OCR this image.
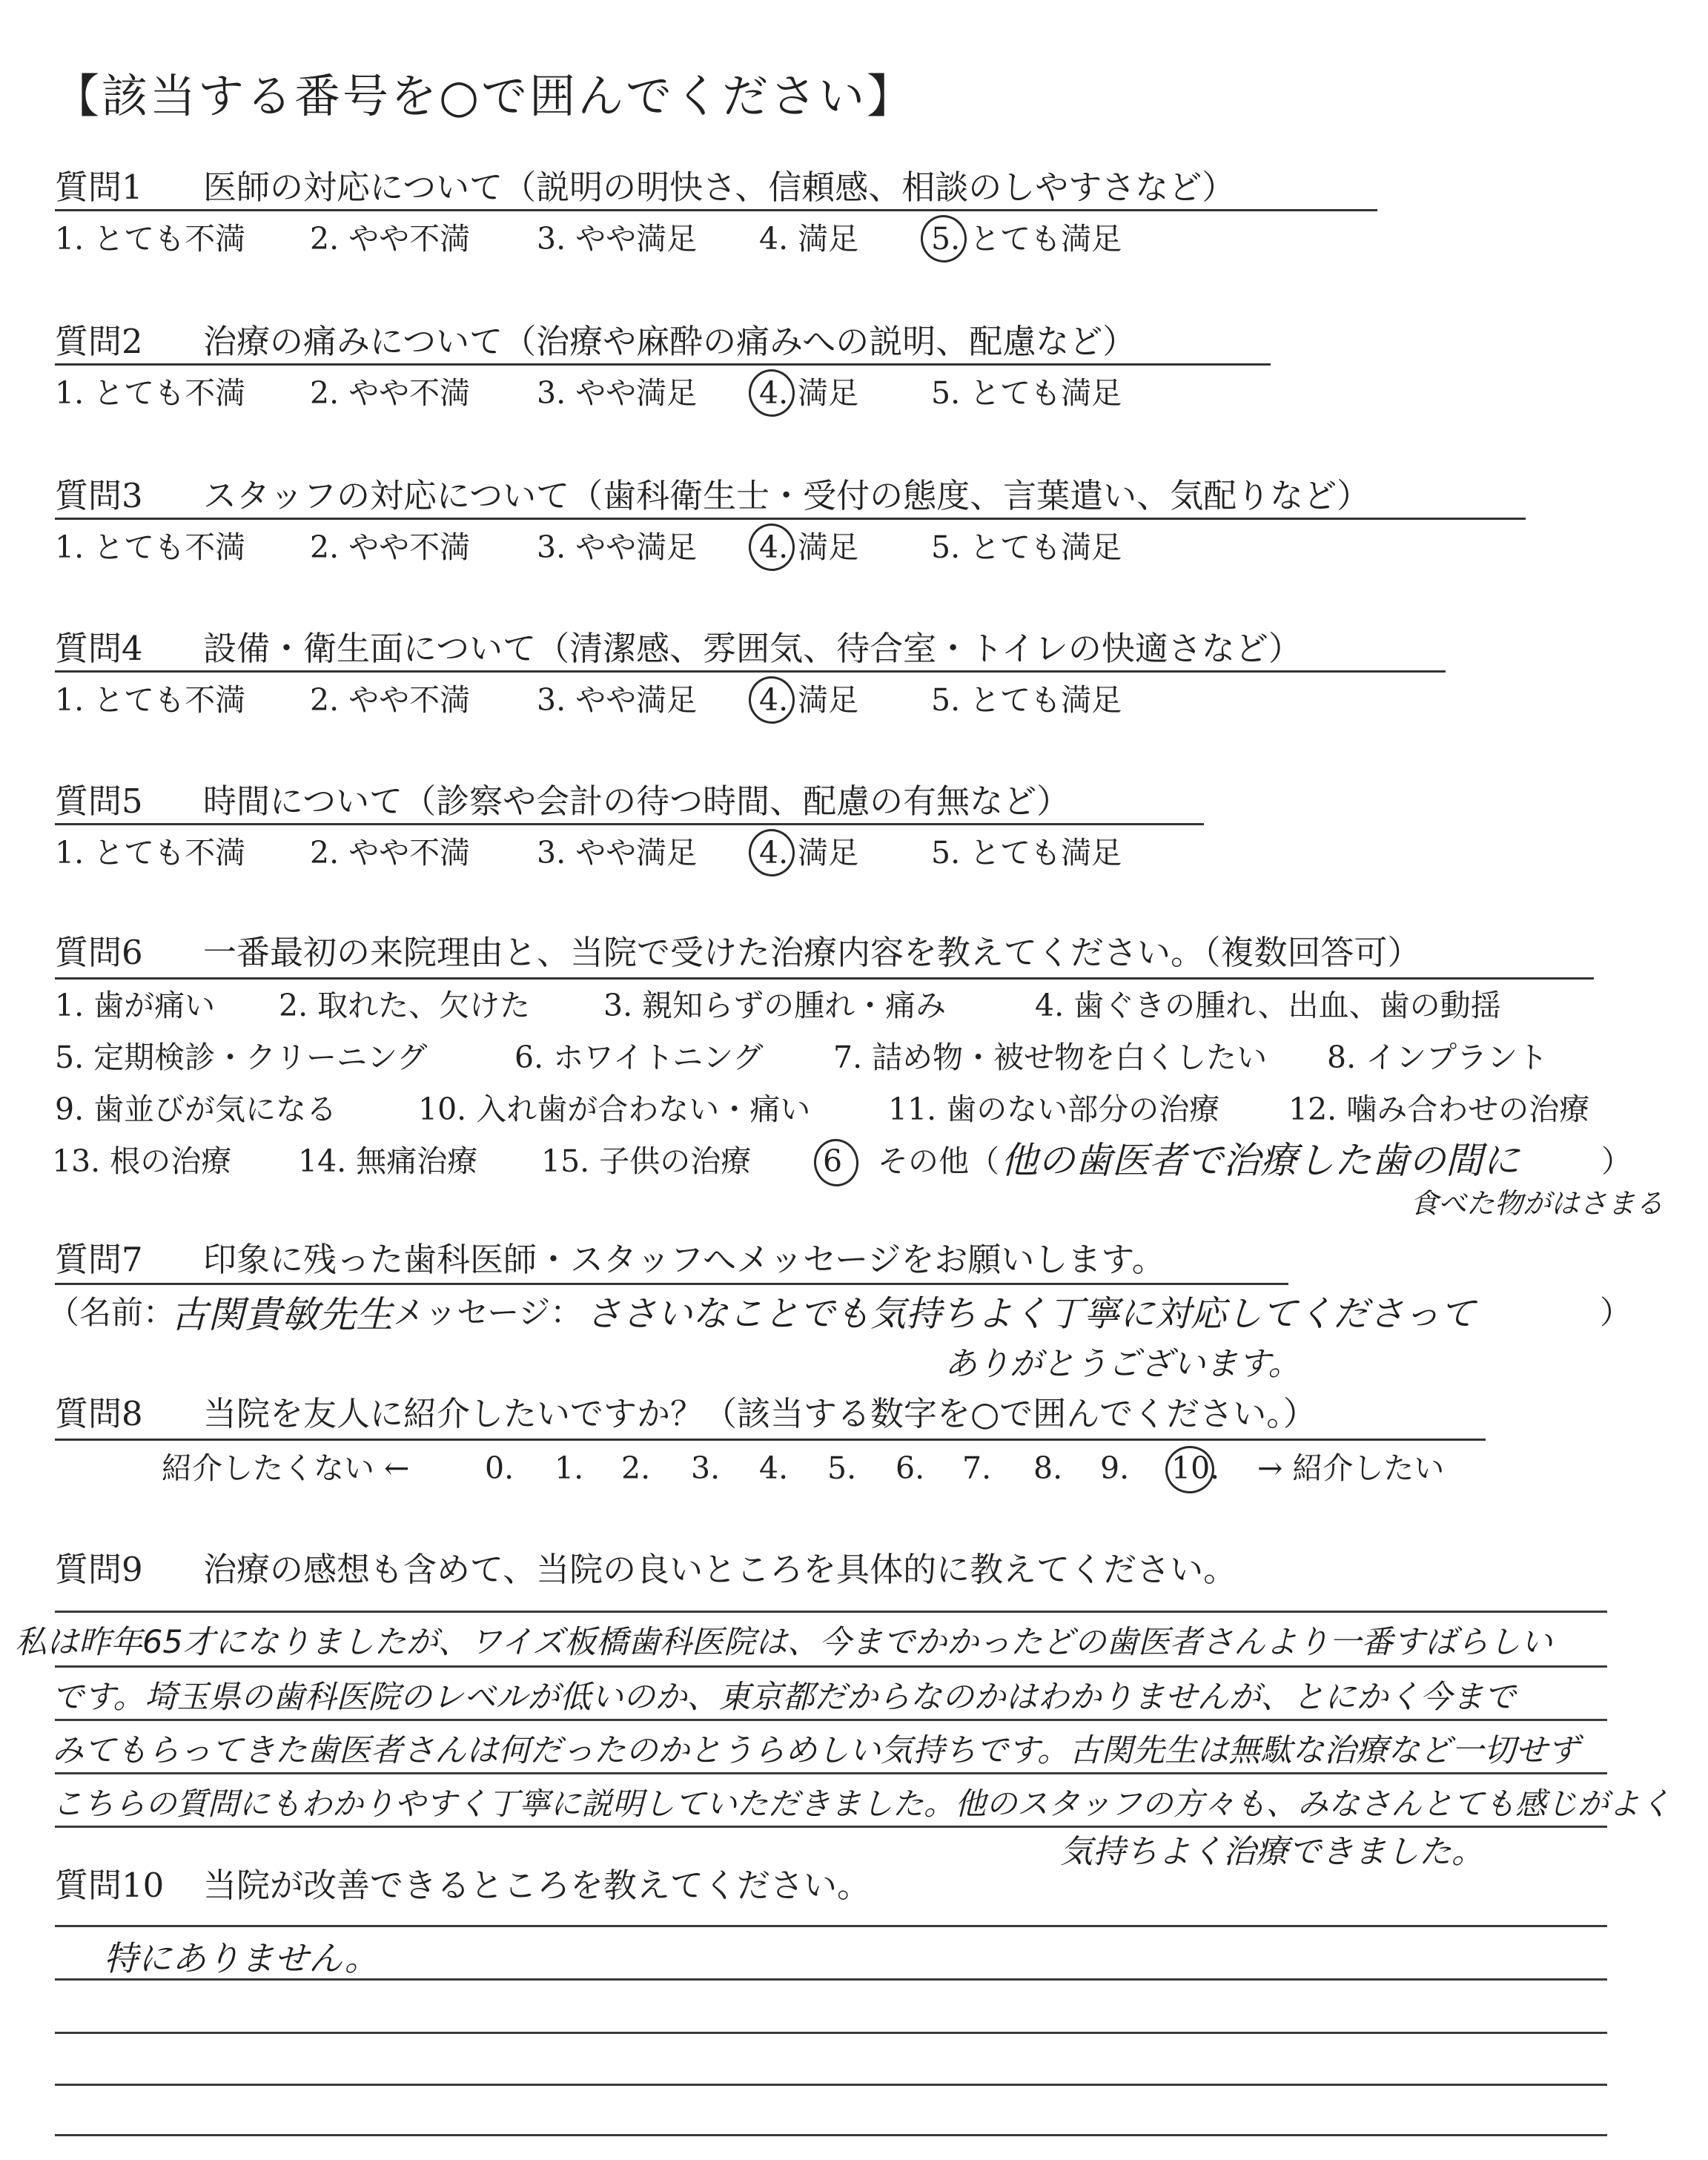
【該当する番号を○で囲んでください】
質問1 医師の対応について（説明の明快さ、信頼感、相談のしやすさなど）
1. とても不満 2. やや不満 3. やや満足 4. 満足 5. とても満足
質問2 治療の痛みについて（治療や麻酔の痛みへの説明、配慮など）
1. とても不満 2. やや不満 3. やや満足 4. 満足 5. とても満足
質問3 スタッフの対応について（歯科衛生士・受付の態度、言葉遣い、気配りなど）
1. とても不満 2. やや不満 3. やや満足 4. 満足 5. とても満足
質問4 設備・衛生面について（清潔感、雰囲気、待合室・トイレの快適さなど）
1. とても不満 2. やや不満 3. やや満足 4. 満足 5. とても満足
質問5 時間について（診察や会計の待つ時間、配慮の有無など）
1. とても不満 2. やや不満 3. やや満足 4. 満足 5. とても満足
質問6 一番最初の来院理由と、当院で受けた治療内容を教えてください。（複数回答可）
1. 歯が痛い 2. 取れた、欠けた 3. 親知らずの腫れ・痛み	4. 歯ぐきの腫れ、出血、歯の動揺
5. 定期検診・クリーニング	6. ホワイトニング 7. 詰め物・被せ物を白くしたい 8. インプラント
9. 歯並びが気になる	10. 入れ歯が合わない・痛い	11. 歯のない部分の治療 12. 噛み合わせの治療
13. 根の治療 14. 無痛治療 15. 子供の治療 6 その他（	）
他の歯医者で治療した歯の間に
食べた物がはさまる
質問7 印象に残った歯科医師・スタッフへメッセージをお願いします。
（名前：	メッセージ：	）
古関貴敏先生	ささいなことでも気持ちよく丁寧に対応してくださって
ありがとうございます。
質問8 当院を友人に紹介したいですか？（該当する数字を○で囲んでください。）
紹介したくない ← 0. 1. 2. 3. 4. 5. 6. 7. 8. 9. 10. → 紹介したい
質問9 治療の感想も含めて、当院の良いところを具体的に教えてください。
私は昨年65才になりましたが、ワイズ板橋歯科医院は、今までかかったどの歯医者さんより一番すばらしい
です。埼玉県の歯科医院のレベルが低いのか、東京都だからなのかはわかりませんが、とにかく今まで
みてもらってきた歯医者さんは何だったのかとうらめしい気持ちです。古関先生は無駄な治療など一切せず
こちらの質問にもわかりやすく丁寧に説明していただきました。他のスタッフの方々も、みなさんとても感じがよく
気持ちよく治療できました。
質問10 当院が改善できるところを教えてください。
特にありません。
